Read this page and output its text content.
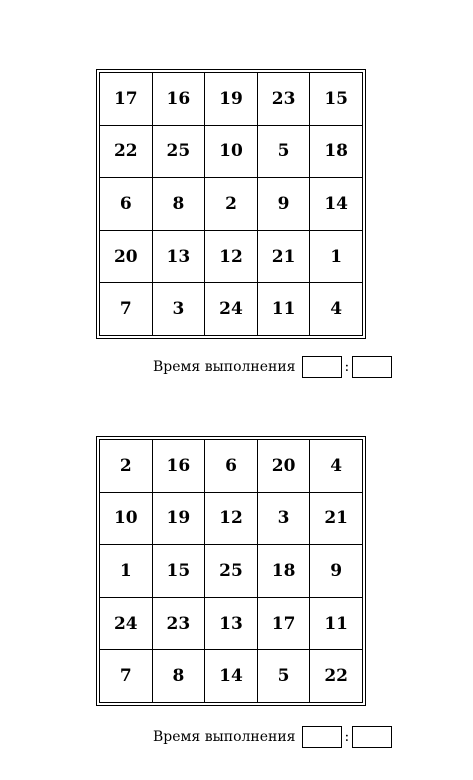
17	16	19	23	15
22	25	10	5	18
6	8	2	9	14
20	13	12	21	1
7	3	24	11	4
Время выполнения	:
2	16	6	20	4
10	19	12	3	21
1	15	25	18	9
24	23	13	17	11
7	8	14	5	22
Время выполнения	:
